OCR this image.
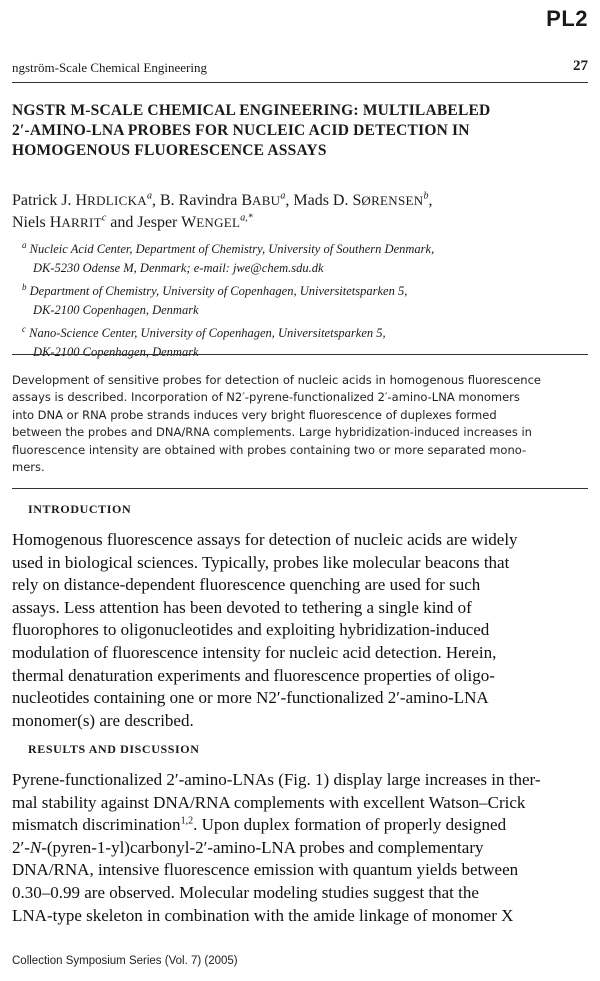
PL2
ngström-Scale Chemical Engineering	27
NGSTR M-SCALE CHEMICAL ENGINEERING: MULTILABELED
2′-AMINO-LNA PROBES FOR NUCLEIC ACID DETECTION IN
HOMOGENOUS FLUORESCENCE ASSAYS
Patrick J. HRDLICKA$^a$, B. Ravindra BABU$^a$, Mads D. SØRENSEN$^b$,
Niels HARRIT$^c$ and Jesper WENGEL$^{a,*}$
$^a$ Nucleic Acid Center, Department of Chemistry, University of Southern Denmark,
DK-5230 Odense M, Denmark; e-mail: jwe@chem.sdu.dk
$^b$ Department of Chemistry, University of Copenhagen, Universitetsparken 5,
DK-2100 Copenhagen, Denmark
$^c$ Nano-Science Center, University of Copenhagen, Universitetsparken 5,
DK-2100 Copenhagen, Denmark
Development of sensitive probes for detection of nucleic acids in homogenous fluorescence
assays is described. Incorporation of N2′-pyrene-functionalized 2′-amino-LNA monomers
into DNA or RNA probe strands induces very bright fluorescence of duplexes formed
between the probes and DNA/RNA complements. Large hybridization-induced increases in
fluorescence intensity are obtained with probes containing two or more separated mono-
mers.
INTRODUCTION
Homogenous fluorescence assays for detection of nucleic acids are widely
used in biological sciences. Typically, probes like molecular beacons that
rely on distance-dependent fluorescence quenching are used for such
assays. Less attention has been devoted to tethering a single kind of
fluorophores to oligonucleotides and exploiting hybridization-induced
modulation of fluorescence intensity for nucleic acid detection. Herein,
thermal denaturation experiments and fluorescence properties of oligo-
nucleotides containing one or more N2′-functionalized 2′-amino-LNA
monomer(s) are described.
RESULTS AND DISCUSSION
Pyrene-functionalized 2′-amino-LNAs (Fig. 1) display large increases in ther-
mal stability against DNA/RNA complements with excellent Watson–Crick
mismatch discrimination$^{1,2}$. Upon duplex formation of properly designed
2′-N-(pyren-1-yl)carbonyl-2′-amino-LNA probes and complementary
DNA/RNA, intensive fluorescence emission with quantum yields between
0.30–0.99 are observed. Molecular modeling studies suggest that the
LNA-type skeleton in combination with the amide linkage of monomer X
Collection Symposium Series (Vol. 7) (2005)
